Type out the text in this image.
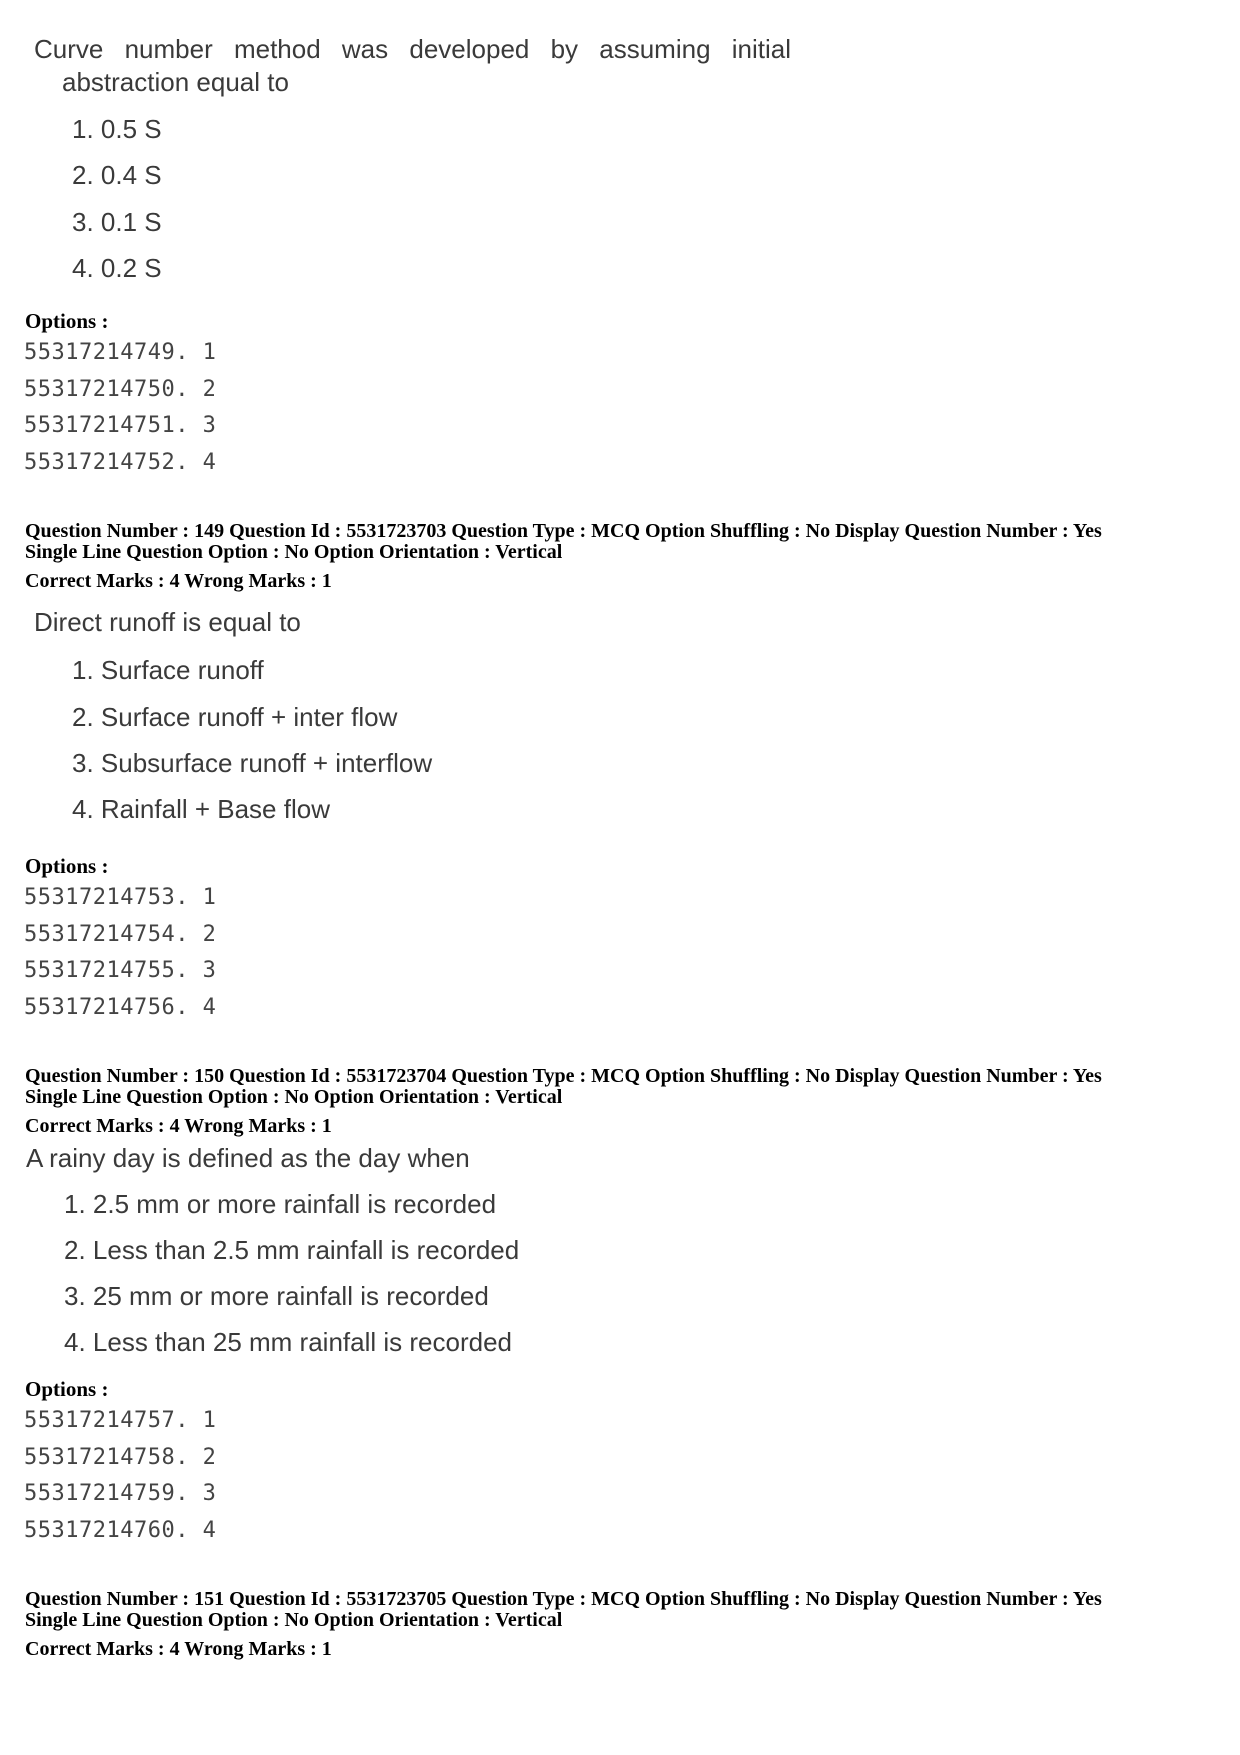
Curve number method was developed by assuming initial
abstraction equal to
1. 0.5 S
2. 0.4 S
3. 0.1 S
4. 0.2 S
Options :
55317214749. 1
55317214750. 2
55317214751. 3
55317214752. 4
Question Number : 149 Question Id : 5531723703 Question Type : MCQ Option Shuffling : No Display Question Number : Yes
Single Line Question Option : No Option Orientation : Vertical
Correct Marks : 4 Wrong Marks : 1
Direct runoff is equal to
1. Surface runoff
2. Surface runoff + inter flow
3. Subsurface runoff + interflow
4. Rainfall + Base flow
Options :
55317214753. 1
55317214754. 2
55317214755. 3
55317214756. 4
Question Number : 150 Question Id : 5531723704 Question Type : MCQ Option Shuffling : No Display Question Number : Yes
Single Line Question Option : No Option Orientation : Vertical
Correct Marks : 4 Wrong Marks : 1
A rainy day is defined as the day when
1. 2.5 mm or more rainfall is recorded
2. Less than 2.5 mm rainfall is recorded
3. 25 mm or more rainfall is recorded
4. Less than 25 mm rainfall is recorded
Options :
55317214757. 1
55317214758. 2
55317214759. 3
55317214760. 4
Question Number : 151 Question Id : 5531723705 Question Type : MCQ Option Shuffling : No Display Question Number : Yes
Single Line Question Option : No Option Orientation : Vertical
Correct Marks : 4 Wrong Marks : 1
